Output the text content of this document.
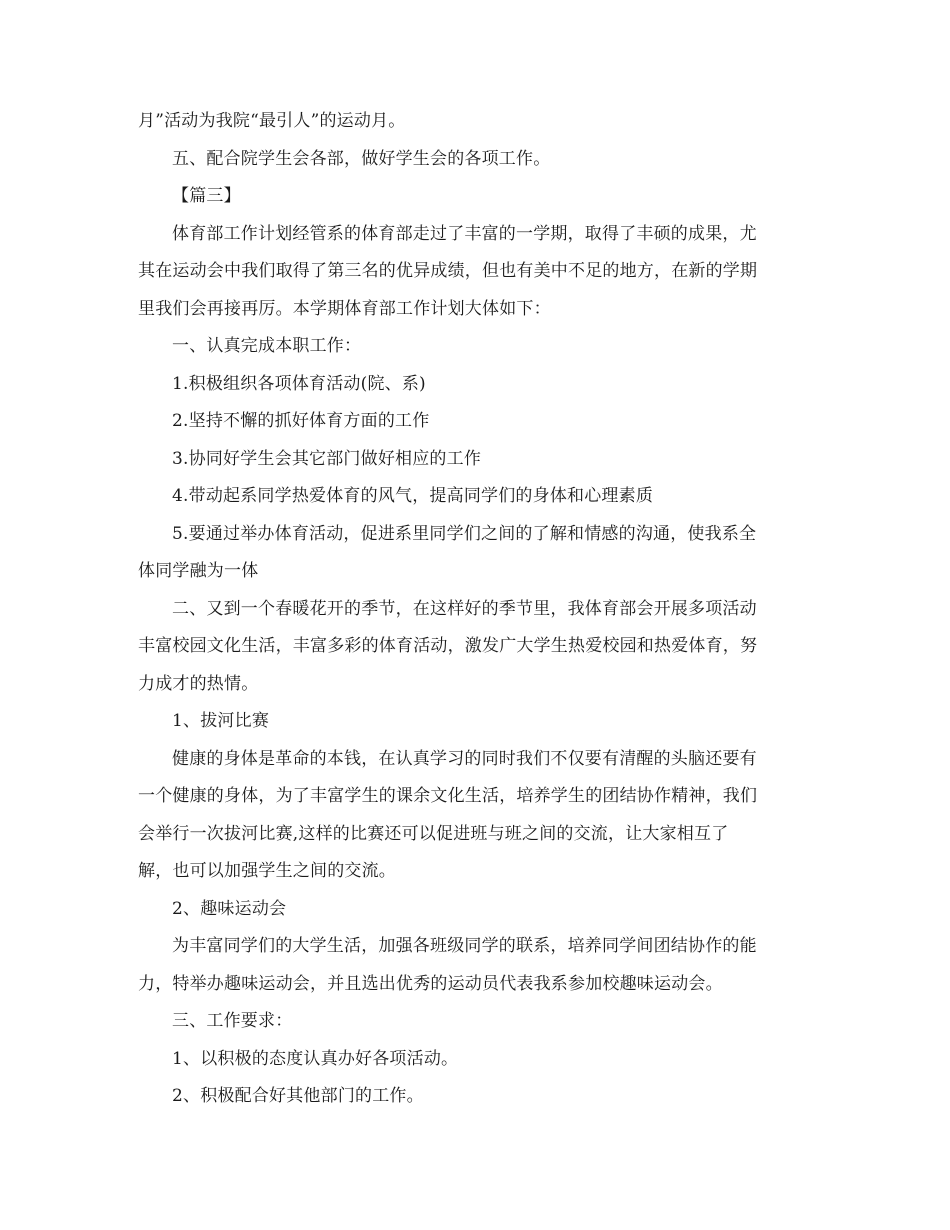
月”活动为我院“最引人”的运动月。
五、配合院学生会各部，做好学生会的各项工作。
【篇三】
体育部工作计划经管系的体育部走过了丰富的一学期，取得了丰硕的成果，尤
其在运动会中我们取得了第三名的优异成绩，但也有美中不足的地方，在新的学期
里我们会再接再厉。本学期体育部工作计划大体如下：
一、认真完成本职工作：
1.积极组织各项体育活动(院、系)
2.坚持不懈的抓好体育方面的工作
3.协同好学生会其它部门做好相应的工作
4.带动起系同学热爱体育的风气，提高同学们的身体和心理素质
5.要通过举办体育活动，促进系里同学们之间的了解和情感的沟通，使我系全
体同学融为一体
二、又到一个春暖花开的季节，在这样好的季节里，我体育部会开展多项活动
丰富校园文化生活，丰富多彩的体育活动，激发广大学生热爱校园和热爱体育，努
力成才的热情。
1、拔河比赛
健康的身体是革命的本钱，在认真学习的同时我们不仅要有清醒的头脑还要有
一个健康的身体，为了丰富学生的课余文化生活，培养学生的团结协作精神，我们
会举行一次拔河比赛,这样的比赛还可以促进班与班之间的交流，让大家相互了
解，也可以加强学生之间的交流。
2、趣味运动会
为丰富同学们的大学生活，加强各班级同学的联系，培养同学间团结协作的能
力，特举办趣味运动会，并且选出优秀的运动员代表我系参加校趣味运动会。
三、工作要求：
1、以积极的态度认真办好各项活动。
2、积极配合好其他部门的工作。
